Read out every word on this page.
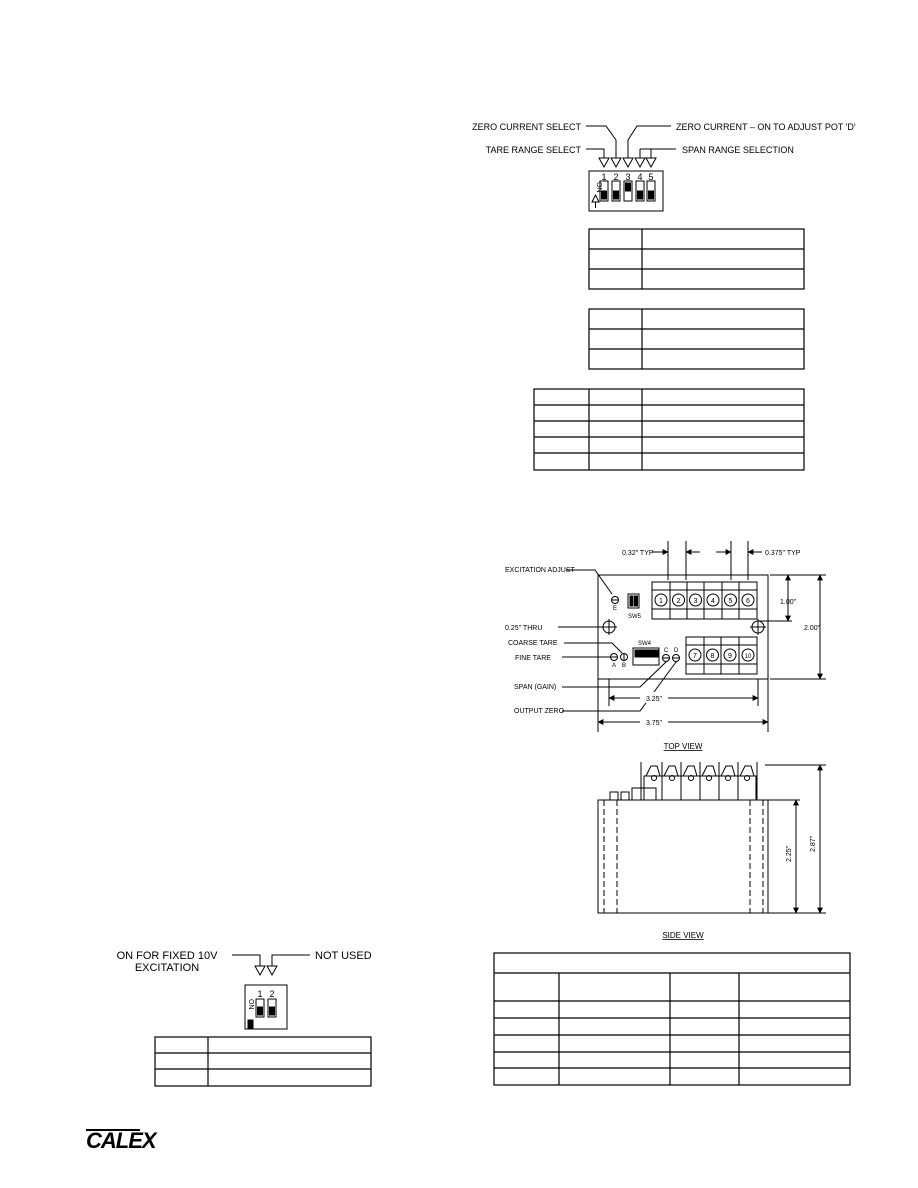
ZERO CURRENT SELECT	ZERO CURRENT – ON TO ADJUST POT 'D'
TARE RANGE SELECT	SPAN RANGE SELECTION
1 2 3 4 5
ON
0.32" TYP	0.375" TYP
1 2 3 4 5 6
7 8 9 10
E
SW5
SW4
A B
C D
EXCITATION ADJUST
0.25" THRU
COARSE TARE
FINE TARE
SPAN (GAIN)
OUTPUT ZERO
1.00"
2.00"
3.25"
3.75"
TOP VIEW
2.25"
2.87"
SIDE VIEW
ON FOR FIXED 10V
EXCITATION
NOT USED
1 2
ON
CALEX
